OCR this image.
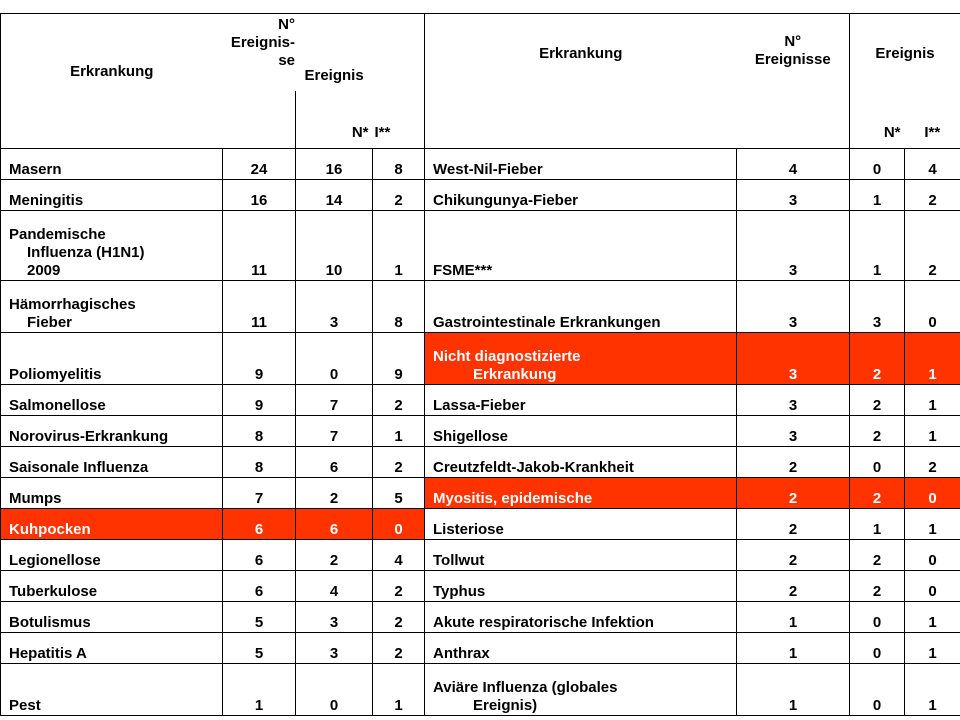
Erkrankung	N°
Ereignis-
se	Ereignis		Erkrankung	N°
Ereignisse	Ereignis	
		N*	I**			N*	I**

Masern	24	16	8	West-Nil-Fieber	4	0	4

Meningitis	16	14	2	Chikungunya-Fieber	3	1	2

Pandemische
Influenza (H1N1)
2009	11	10	1	FSME***	3	1	2

Hämorrhagisches
Fieber	11	3	8	Gastrointestinale Erkrankungen	3	3	0

Poliomyelitis	9	0	9	Nicht diagnostizierte
Erkrankung	3	2	1

Salmonellose	9	7	2	Lassa-Fieber	3	2	1

Norovirus-Erkrankung	8	7	1	Shigellose	3	2	1

Saisonale Influenza	8	6	2	Creutzfeldt-Jakob-Krankheit	2	0	2

Mumps	7	2	5	Myositis, epidemische	2	2	0

Kuhpocken	6	6	0	Listeriose	2	1	1

Legionellose	6	2	4	Tollwut	2	2	0

Tuberkulose	6	4	2	Typhus	2	2	0

Botulismus	5	3	2	Akute respiratorische Infektion	1	0	1

Hepatitis A	5	3	2	Anthrax	1	0	1

Pest	1	0	1	Aviäre Influenza (globales
Ereignis)	1	0	1
